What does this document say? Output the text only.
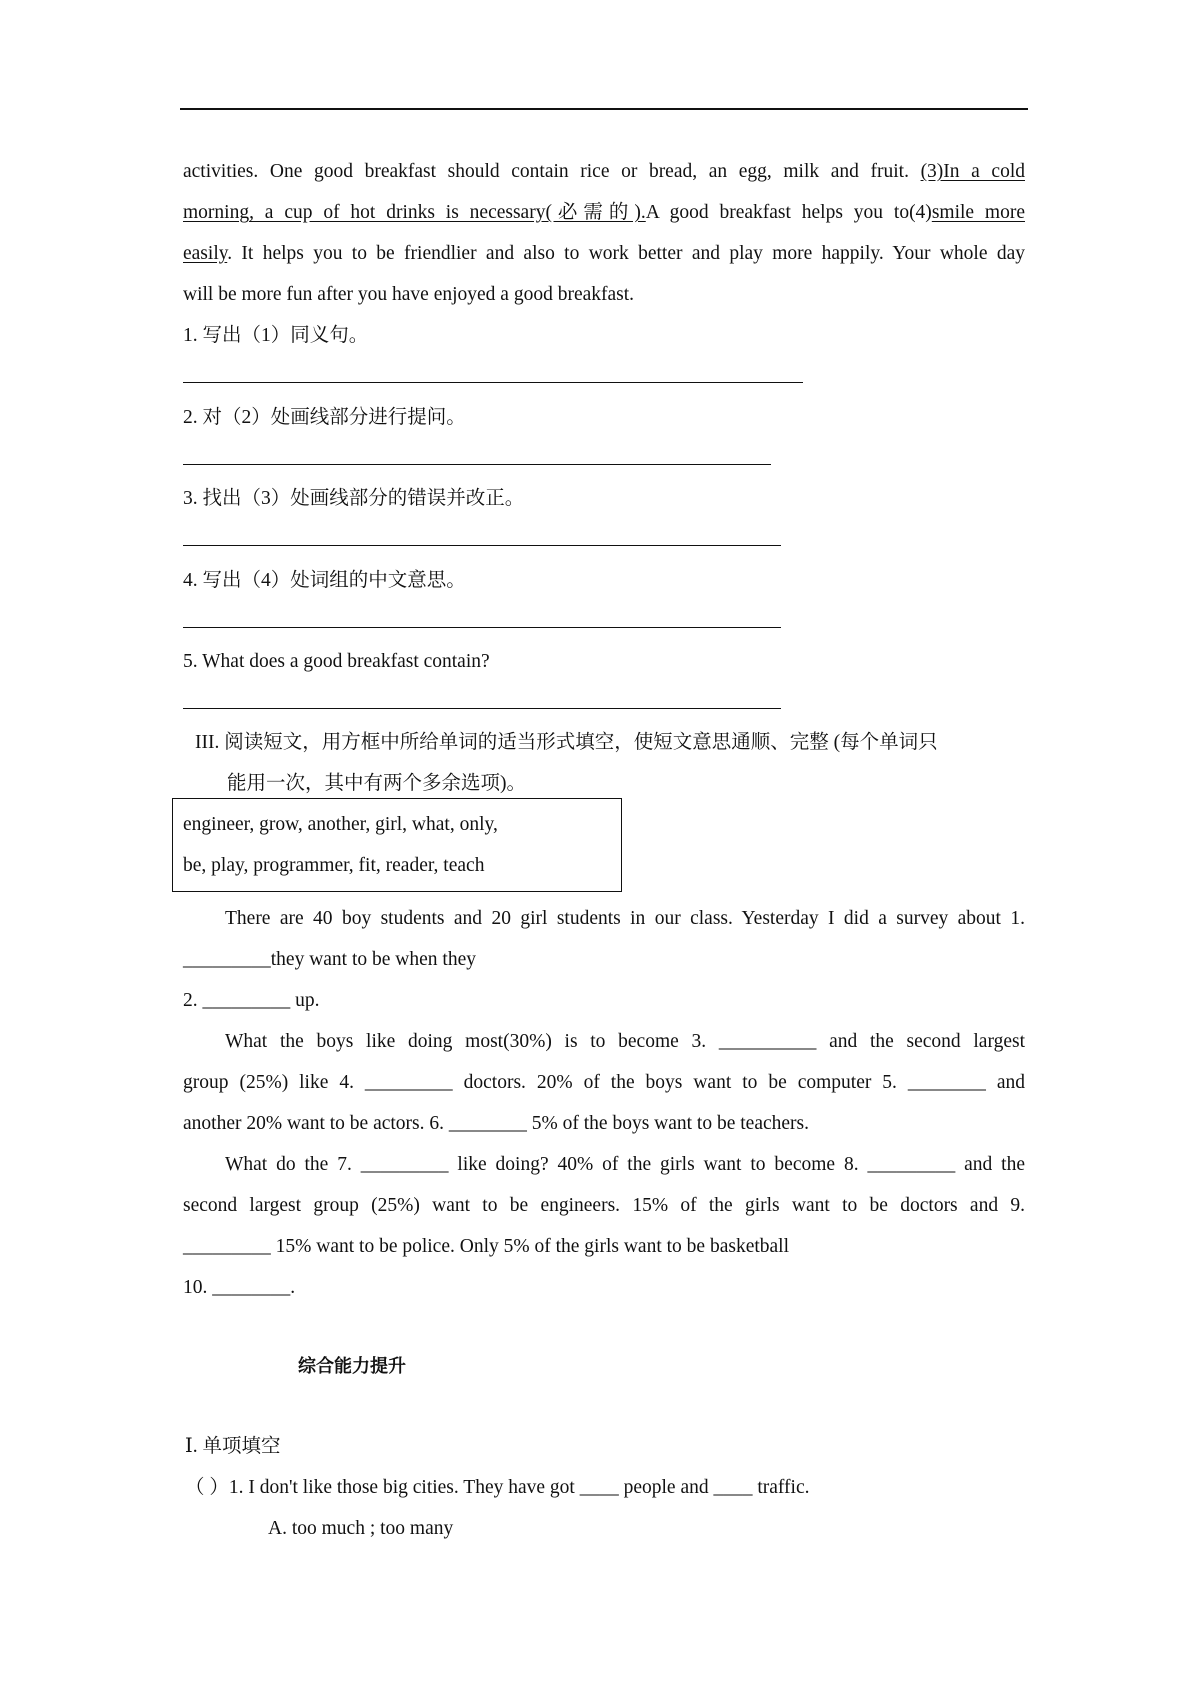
activities. One good breakfast should contain rice or bread, an egg, milk and fruit. (3)In a cold
morning, a cup of hot drinks is necessary(必需的).A good breakfast helps you to(4)smile more
easily. It helps you to be friendlier and also to work better and play more happily. Your whole day
will be more fun after you have enjoyed a good breakfast.
1. 写出（1）同义句。
2. 对（2）处画线部分进行提问。
3. 找出（3）处画线部分的错误并改正。
4. 写出（4）处词组的中文意思。
5. What does a good breakfast contain?
III. 阅读短文，用方框中所给单词的适当形式填空，使短文意思通顺、完整 (每个单词只
能用一次，其中有两个多余选项)。
engineer, grow, another, girl, what, only,
be, play, programmer, fit, reader, teach
There are 40 boy students and 20 girl students in our class. Yesterday I did a survey about 1.
_________they want to be when they
2. _________ up.
What the boys like doing most(30%) is to become 3. __________ and the second largest
group (25%) like 4. _________ doctors. 20% of the boys want to be computer 5. ________ and
another 20% want to be actors. 6. ________ 5% of the boys want to be teachers.
What do the 7. _________ like doing? 40% of the girls want to become 8. _________ and the
second largest group (25%) want to be engineers. 15% of the girls want to be doctors and 9.
_________ 15% want to be police. Only 5% of the girls want to be basketball
10. ________.
综合能力提升
Ⅰ. 单项填空
（ ）1. I don't like those big cities. They have got ____ people and ____ traffic.
A. too much ; too many
